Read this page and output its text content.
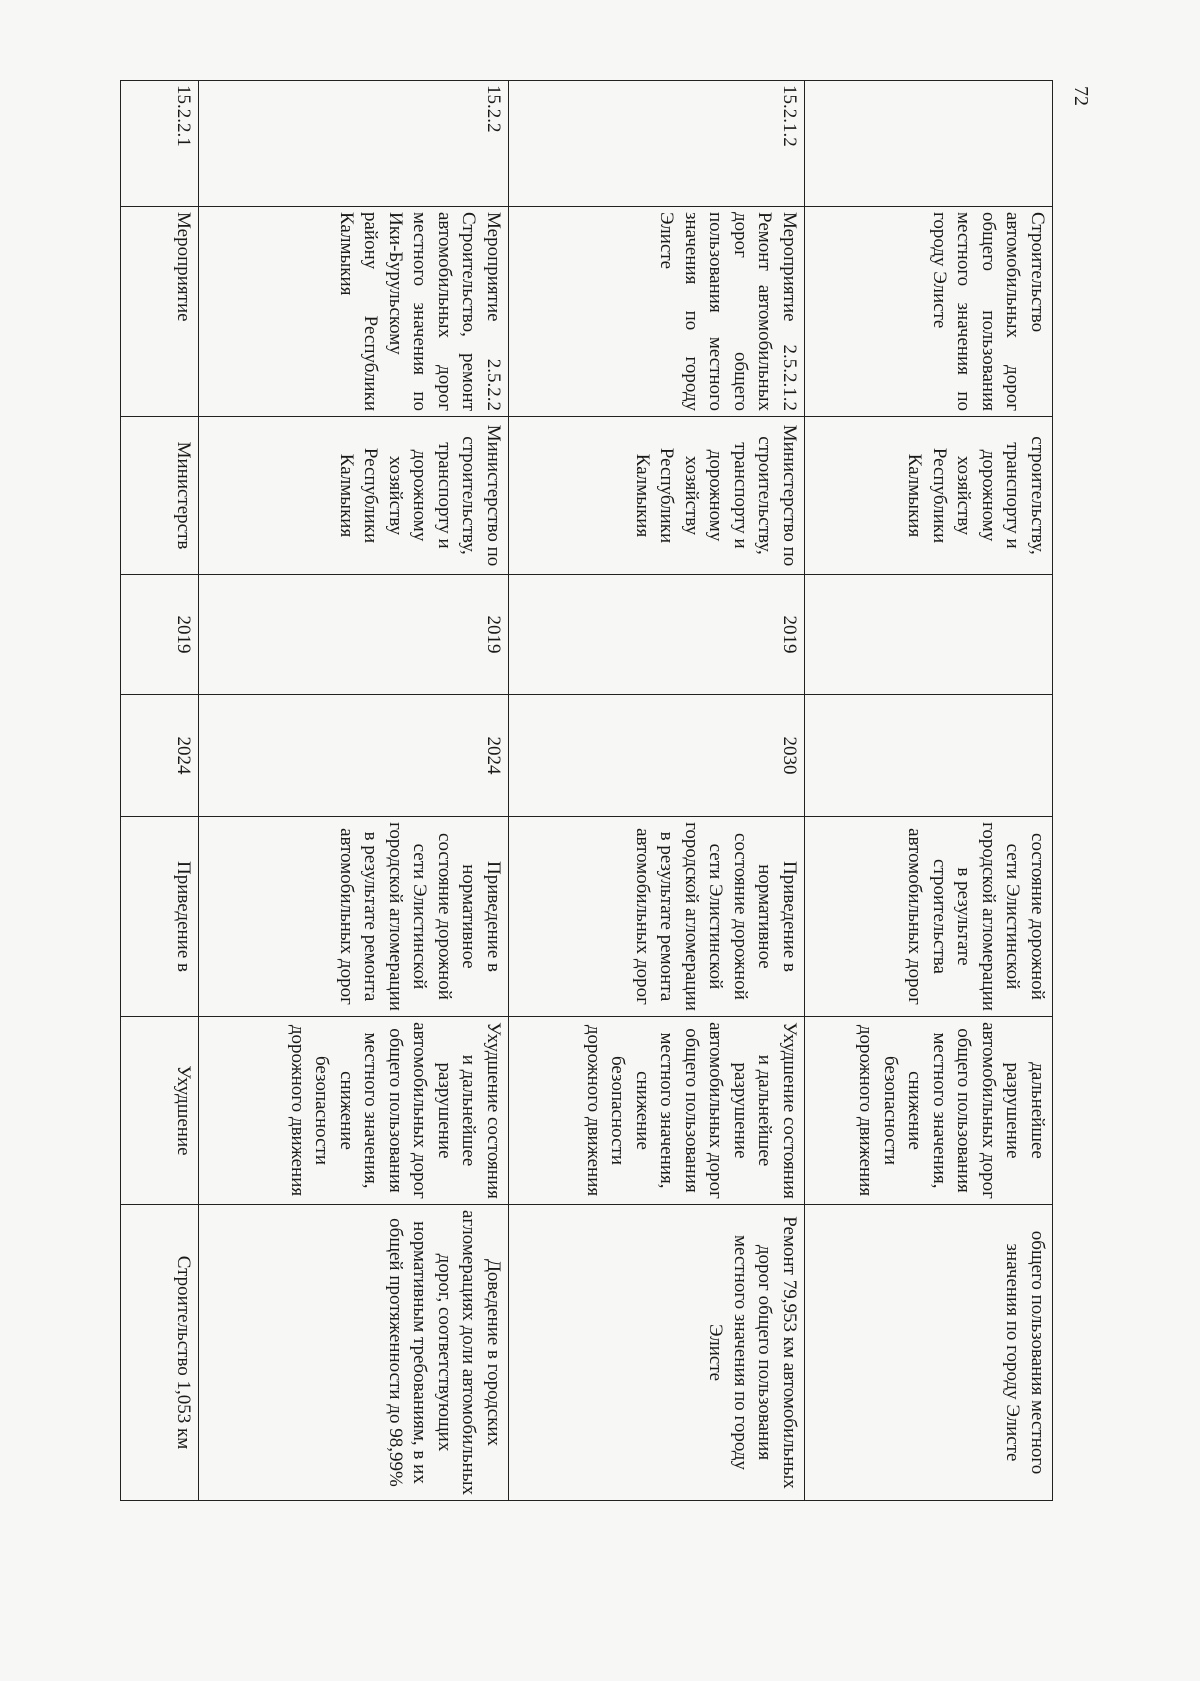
72
	Строительство автомобильных дорог общего пользования местного значения по городу Элисте	строительству, транспорту и дорожному хозяйству Республики Калмыкия			состояние дорожной сети Элистинской городской агломерации в результате строительства автомобильных дорог	дальнейшее разрушение автомобильных дорог общего пользования местного значения, снижение безопасности дорожного движения	общего пользования местного значения по городу Элисте
15.2.1.2	Мероприятие 2.5.2.1.2 Ремонт автомобильных дорог общего пользования местного значения по городу Элисте	Министерство по строительству, транспорту и дорожному хозяйству Республики Калмыкия	2019	2030	Приведение в нормативное состояние дорожной сети Элистинской городской агломерации в результате ремонта автомобильных дорог	Ухудшение состояния и дальнейшее разрушение автомобильных дорог общего пользования местного значения, снижение безопасности дорожного движения	Ремонт 79,953 км автомобильных дорог общего пользования местного значения по городу Элисте
15.2.2	Мероприятие 2.5.2.2 Строительство, ремонт автомобильных дорог местного значения по Ики-Бурульскому району Республики Калмыкия	Министерство по строительству, транспорту и дорожному хозяйству Республики Калмыкия	2019	2024	Приведение в нормативное состояние дорожной сети Элистинской городской агломерации в результате ремонта автомобильных дорог	Ухудшение состояния и дальнейшее разрушение автомобильных дорог общего пользования местного значения, снижение безопасности дорожного движения	Доведение в городских агломерациях доли автомобильных дорог, соответствующих нормативным требованиям, в их общей протяженности до 98,99%
15.2.2.1	Мероприятие	Министерств	2019	2024	Приведение в	Ухудшение	Строительство 1,053 км
